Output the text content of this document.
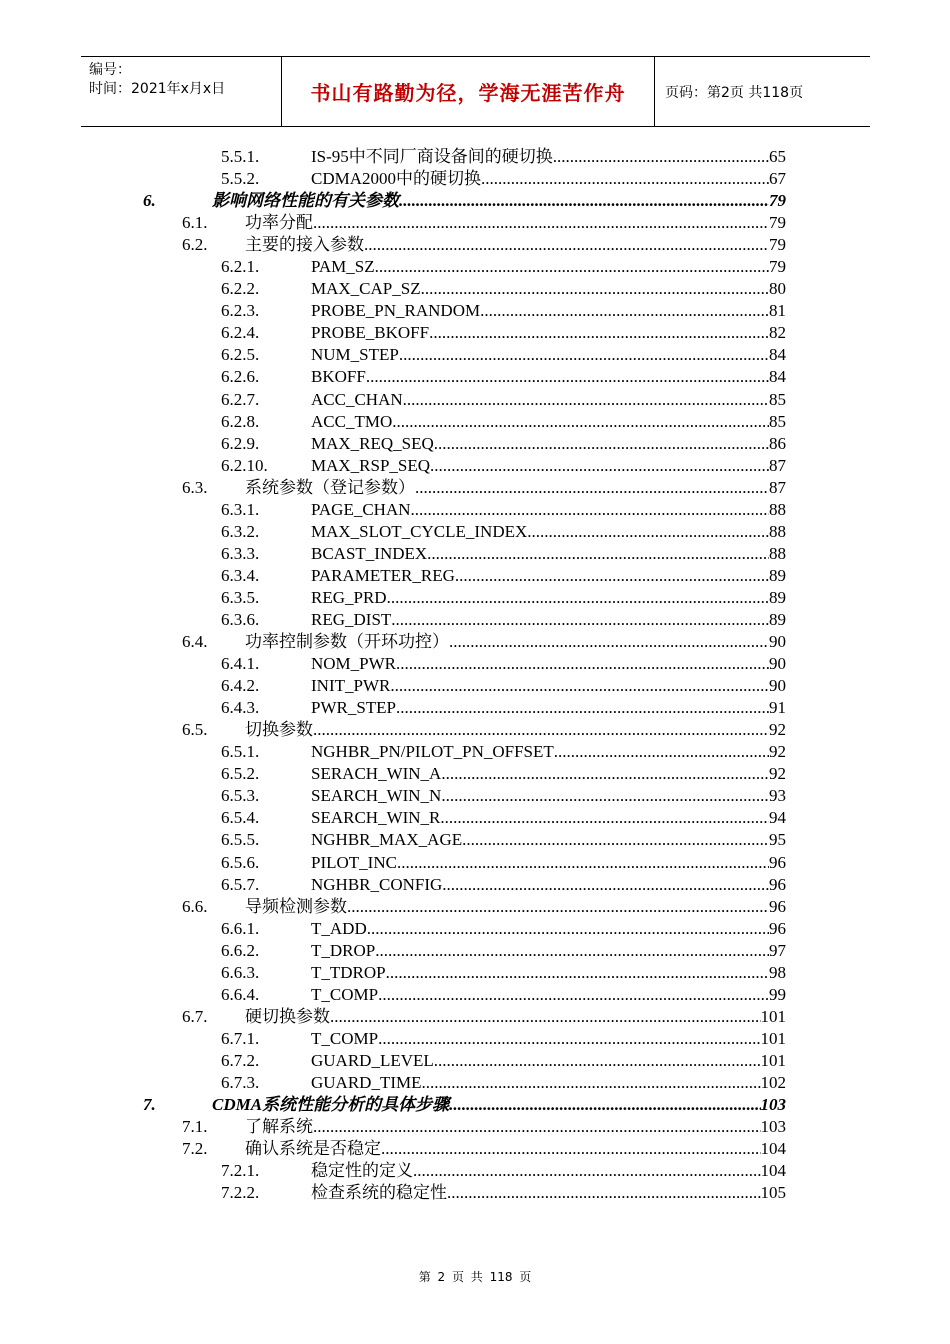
编号：
时间：2021年x月x日	书山有路勤为径，学海无涯苦作舟	页码：第2页 共118页
5.5.1.	IS-95中不同厂商设备间的硬切换 .....	65
5.5.2.	CDMA2000中的硬切换 .....	67
6.	影响网络性能的有关参数 .....	79
6.1. 功率分配 .....	79
6.2. 主要的接入参数 .....	79
6.2.1.	PAM_SZ .....	79
6.2.2.	MAX_CAP_SZ .....	80
6.2.3.	PROBE_PN_RANDOM .....	81
6.2.4.	PROBE_BKOFF .....	82
6.2.5.	NUM_STEP .....	84
6.2.6.	BKOFF .....	84
6.2.7.	ACC_CHAN .....	85
6.2.8.	ACC_TMO .....	85
6.2.9.	MAX_REQ_SEQ .....	86
6.2.10.	MAX_RSP_SEQ .....	87
6.3. 系统参数（登记参数） .....	87
6.3.1.	PAGE_CHAN .....	88
6.3.2.	MAX_SLOT_CYCLE_INDEX .....	88
6.3.3.	BCAST_INDEX .....	88
6.3.4.	PARAMETER_REG .....	89
6.3.5.	REG_PRD .....	89
6.3.6.	REG_DIST .....	89
6.4. 功率控制参数（开环功控） .....	90
6.4.1.	NOM_PWR .....	90
6.4.2.	INIT_PWR .....	90
6.4.3.	PWR_STEP .....	91
6.5. 切换参数 .....	92
6.5.1.	NGHBR_PN/PILOT_PN_OFFSET .....	92
6.5.2.	SERACH_WIN_A .....	92
6.5.3.	SEARCH_WIN_N .....	93
6.5.4.	SEARCH_WIN_R .....	94
6.5.5.	NGHBR_MAX_AGE .....	95
6.5.6.	PILOT_INC .....	96
6.5.7.	NGHBR_CONFIG .....	96
6.6. 导频检测参数 .....	96
6.6.1.	T_ADD .....	96
6.6.2.	T_DROP .....	97
6.6.3.	T_TDROP .....	98
6.6.4.	T_COMP .....	99
6.7. 硬切换参数 .....	101
6.7.1.	T_COMP .....	101
6.7.2.	GUARD_LEVEL .....	101
6.7.3.	GUARD_TIME .....	102
7.	CDMA系统性能分析的具体步骤 .....	103
7.1. 了解系统 .....	103
7.2. 确认系统是否稳定 .....	104
7.2.1.	稳定性的定义 .....	104
7.2.2.	检查系统的稳定性 .....	105
第 2 页 共 118 页
